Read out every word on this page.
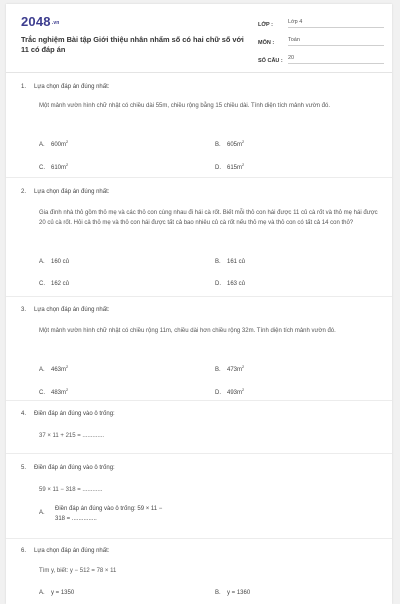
2048.vn
Trắc nghiệm Bài tập Giới thiệu nhân nhẩm số có hai chữ số với 11 có đáp án
LỚP :	Lớp 4
MÔN :	Toán
SỐ CÂU : 20
1.	Lựa chọn đáp án đúng nhất:
Một mảnh vườn hình chữ nhật có chiều dài 55m, chiều rộng bằng 15 chiều dài. Tính diện tích mảnh vườn đó.
A. $600m^2$
B. $605m^2$
C. $610m^2$
D. $615m^2$
2.	Lựa chọn đáp án đúng nhất:
Gia đình nhà thỏ gồm thỏ mẹ và các thỏ con cùng nhau đi hái cà rốt. Biết mỗi thỏ con hái được 11 củ cà rốt và thỏ mẹ hái được 20 củ cà rốt. Hỏi cả thỏ mẹ và thỏ con hái được tất cả bao nhiêu củ cà rốt nếu thỏ mẹ và thỏ con có tất cả 14 con thỏ?
A. 160 củ	B. 161 củ
C. 162 củ	D. 163 củ
3.	Lựa chọn đáp án đúng nhất:
Một mảnh vườn hình chữ nhật có chiều rộng 11m, chiều dài hơn chiều rộng 32m. Tính diện tích mảnh vườn đó.
A. $463m^2$
B. $473m^2$
C. $483m^2$
D. $493m^2$
4.	Điền đáp án đúng vào ô trống:
37 × 11 + 215 = .............
5.	Điền đáp án đúng vào ô trống:
59 × 11 − 318 = ............
A.
Điền đáp án đúng vào ô trống: 59 × 11 −
318 = ...............
6.	Lựa chọn đáp án đúng nhất:
Tìm y, biết: y − 512 = 78 × 11
A. y = 1350	B. y = 1360
